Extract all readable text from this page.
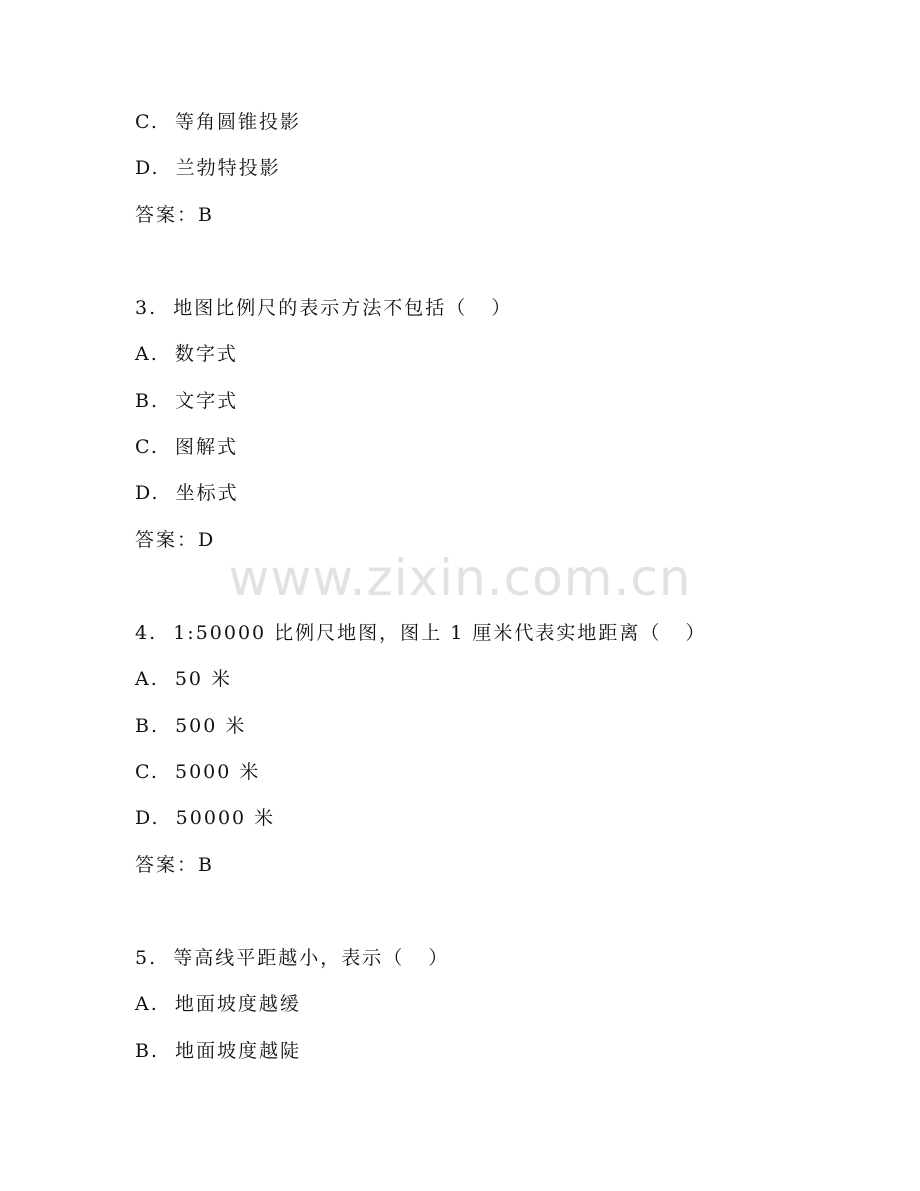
www.zixin.com.cn
C.  等角圆锥投影
D.  兰勃特投影
答案：B
3.  地图比例尺的表示方法不包括（   ）
A.  数字式
B.  文字式
C.  图解式
D.  坐标式
答案：D
4.  1:50000 比例尺地图，图上 1 厘米代表实地距离（   ）
A.  50 米
B.  500 米
C.  5000 米
D.  50000 米
答案：B
5.  等高线平距越小，表示（   ）
A.  地面坡度越缓
B.  地面坡度越陡
